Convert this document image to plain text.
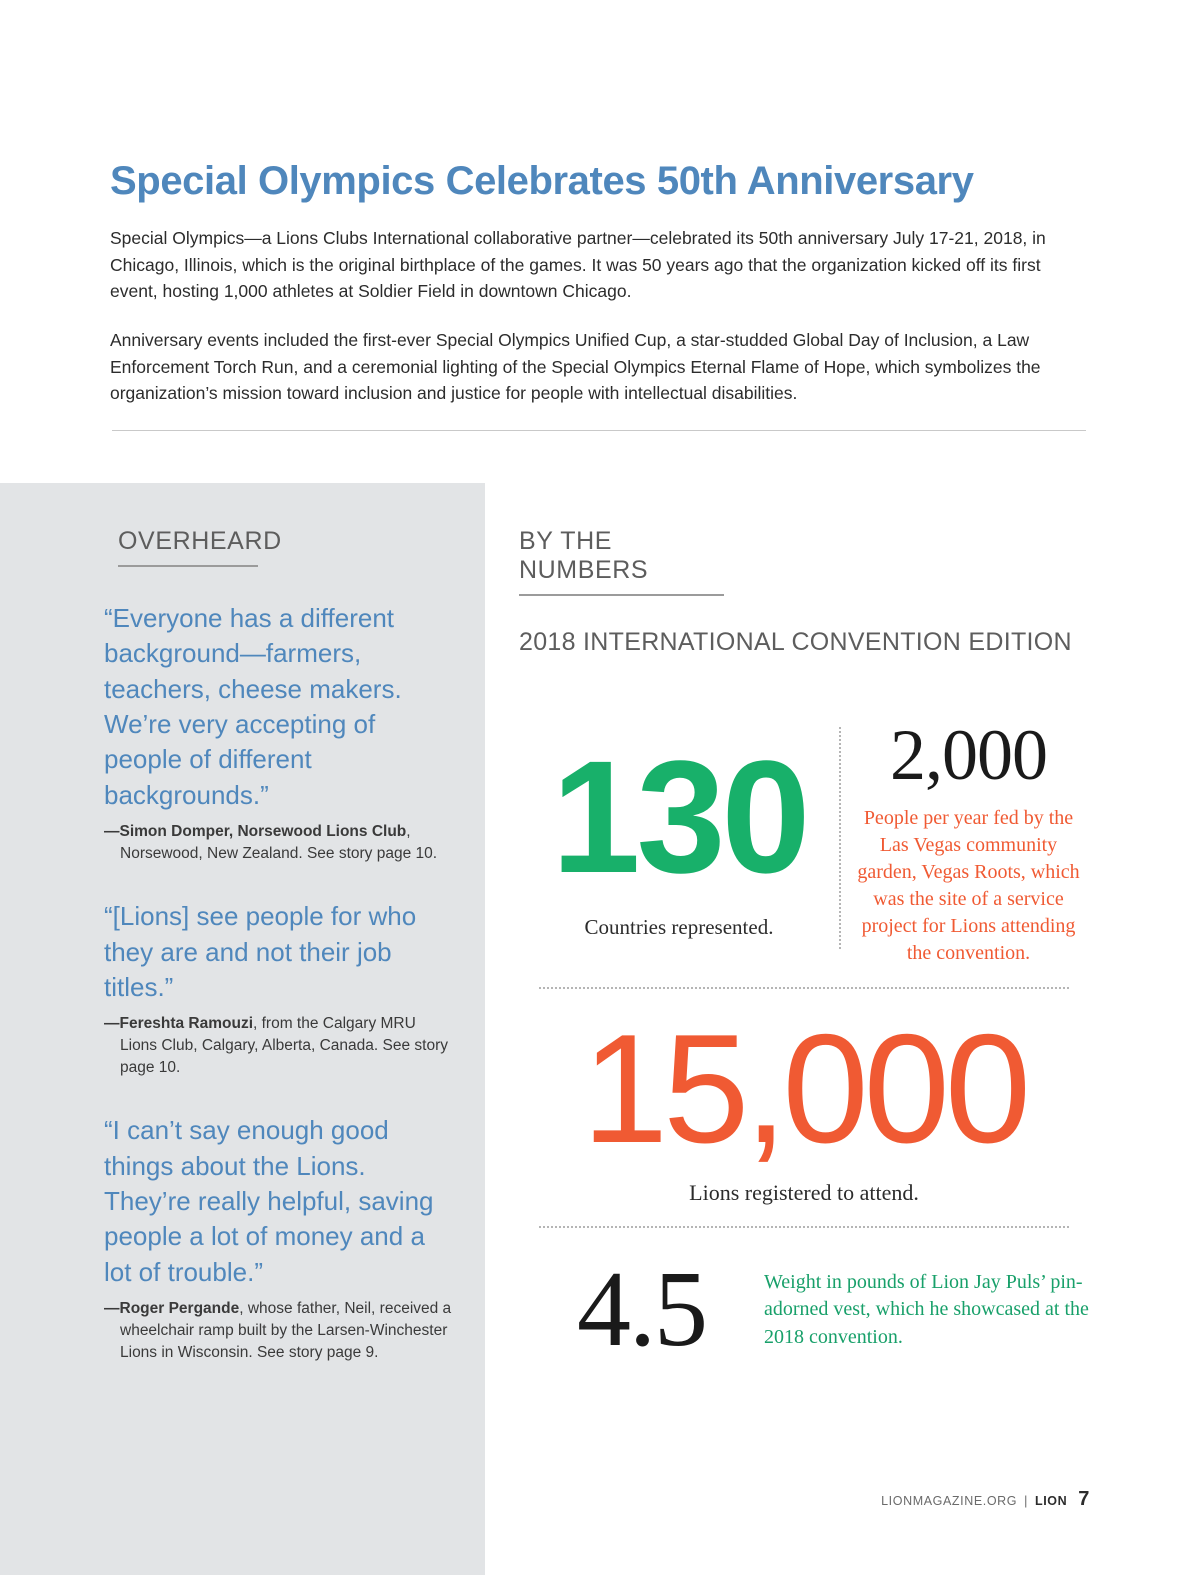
Special Olympics Celebrates 50th Anniversary

Special Olympics—a Lions Clubs International collaborative partner—celebrated its 50th anniversary July 17-21, 2018, in Chicago, Illinois, which is the original birthplace of the games. It was 50 years ago that the organization kicked off its first event, hosting 1,000 athletes at Soldier Field in downtown Chicago.

Anniversary events included the first-ever Special Olympics Unified Cup, a star-studded Global Day of Inclusion, a Law Enforcement Torch Run, and a ceremonial lighting of the Special Olympics Eternal Flame of Hope, which symbolizes the organization’s mission toward inclusion and justice for people with intellectual disabilities.

OVERHEARD

“Everyone has a different background—farmers, teachers, cheese makers. We’re very accepting of people of different backgrounds.”

—Simon Domper, Norsewood Lions Club, Norsewood, New Zealand. See story page 10.

“[Lions] see people for who they are and not their job titles.”

—Fereshta Ramouzi, from the Calgary MRU Lions Club, Calgary, Alberta, Canada. See story page 10.

“I can’t say enough good things about the Lions. They’re really helpful, saving people a lot of money and a lot of trouble.”

—Roger Pergande, whose father, Neil, received a wheelchair ramp built by the Larsen-Winchester Lions in Wisconsin. See story page 9.

BY THE NUMBERS
2018 INTERNATIONAL CONVENTION EDITION
130
Countries represented.
2,000
People per year fed by the Las Vegas community garden, Vegas Roots, which was the site of a service project for Lions attending the convention.
15,000
Lions registered to attend.
4.5	Weight in pounds of Lion Jay Puls’ pin-adorned vest, which he showcased at the 2018 convention.
LIONMAGAZINE.ORG | LION 7
